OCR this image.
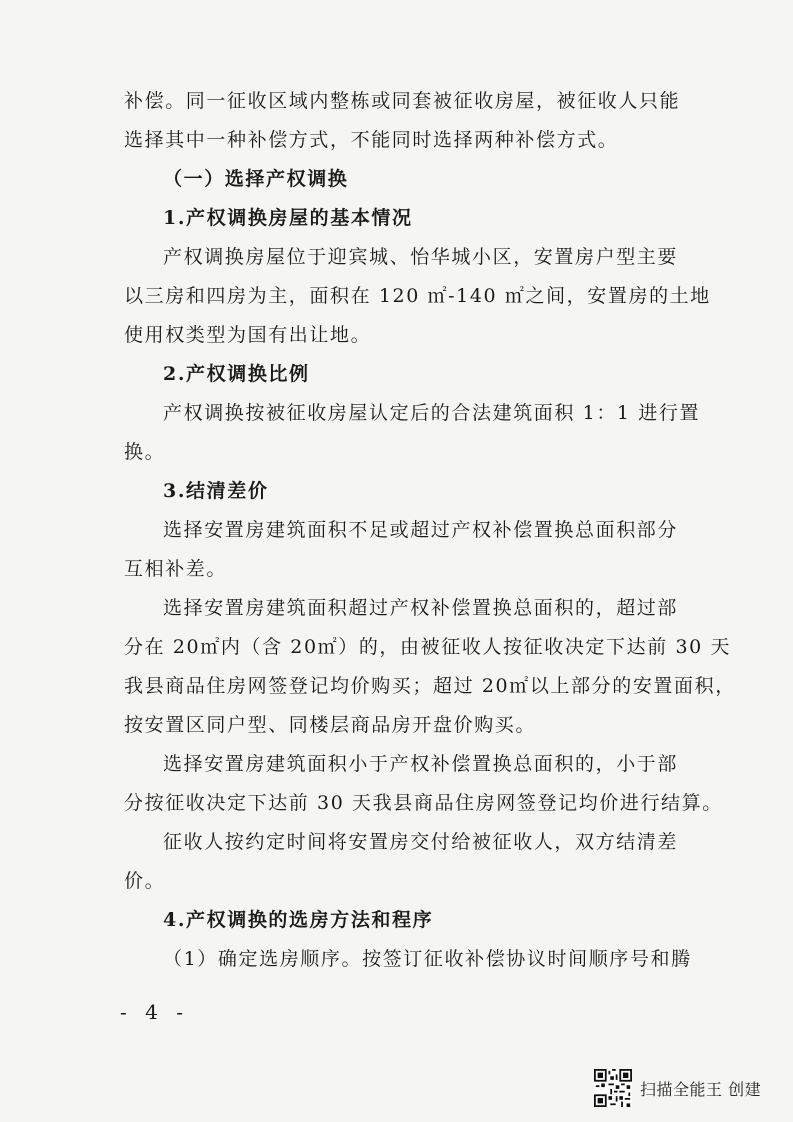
补偿。同一征收区域内整栋或同套被征收房屋，被征收人只能
选择其中一种补偿方式，不能同时选择两种补偿方式。
（一）选择产权调换
1.产权调换房屋的基本情况
产权调换房屋位于迎宾城、怡华城小区，安置房户型主要
以三房和四房为主，面积在 120 ㎡-140 ㎡之间，安置房的土地
使用权类型为国有出让地。
2.产权调换比例
产权调换按被征收房屋认定后的合法建筑面积 1：1 进行置
换。
3.结清差价
选择安置房建筑面积不足或超过产权补偿置换总面积部分
互相补差。
选择安置房建筑面积超过产权补偿置换总面积的，超过部
分在 20㎡内（含 20㎡）的，由被征收人按征收决定下达前 30 天
我县商品住房网签登记均价购买；超过 20㎡以上部分的安置面积，
按安置区同户型、同楼层商品房开盘价购买。
选择安置房建筑面积小于产权补偿置换总面积的，小于部
分按征收决定下达前 30 天我县商品住房网签登记均价进行结算。
征收人按约定时间将安置房交付给被征收人，双方结清差
价。
4.产权调换的选房方法和程序
（1）确定选房顺序。按签订征收补偿协议时间顺序号和腾
- 4 -
扫描全能王 创建
